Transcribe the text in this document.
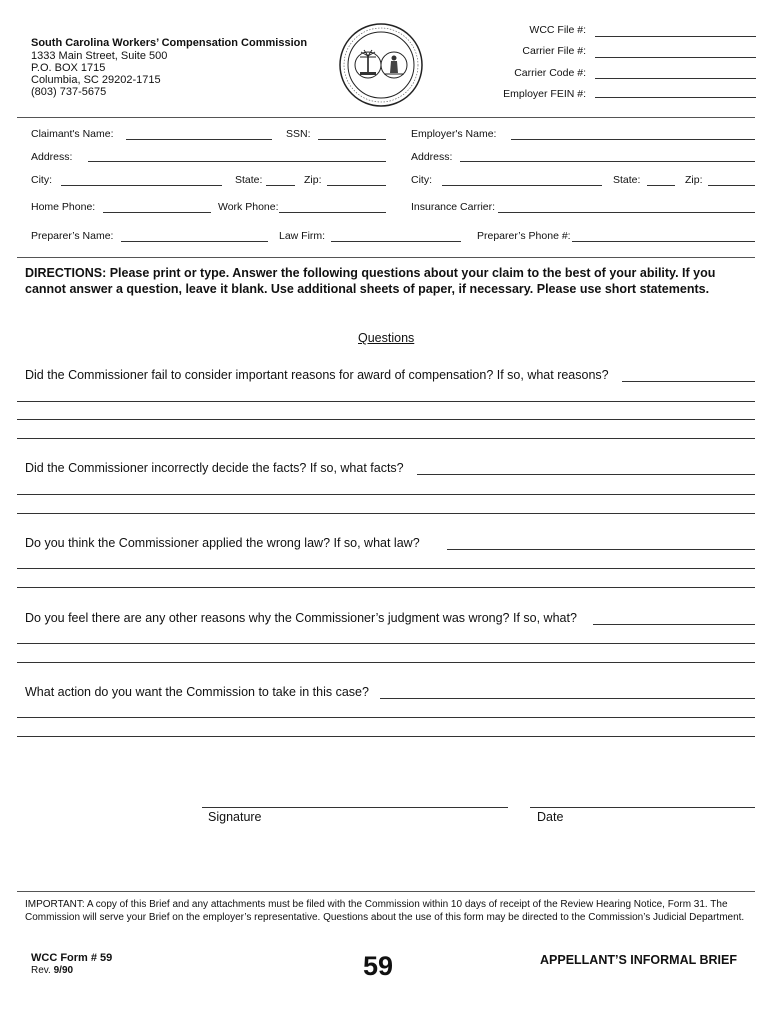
South Carolina Workers’ Compensation Commission
1333 Main Street, Suite 500
P.O. BOX 1715
Columbia, SC 29202-1715
(803) 737-5675
WCC File #:
Carrier File #:
Carrier Code #:
Employer FEIN #:
Claimant's Name:	SSN:	Employer's Name:
Address:	Address:
City:	State:	Zip:	City:	State:	Zip:
Home Phone:	Work Phone:	Insurance Carrier:
Preparer’s Name:	Law Firm:	Preparer’s Phone #:
DIRECTIONS: Please print or type. Answer the following questions about your claim to the best of your ability. If you cannot answer a question, leave it blank. Use additional sheets of paper, if necessary. Please use short statements.
Questions
Did the Commissioner fail to consider important reasons for award of compensation? If so, what reasons?
Did the Commissioner incorrectly decide the facts? If so, what facts?
Do you think the Commissioner applied the wrong law? If so, what law?
Do you feel there are any other reasons why the Commissioner’s judgment was wrong? If so, what?
What action do you want the Commission to take in this case?
Signature	Date
IMPORTANT: A copy of this Brief and any attachments must be filed with the Commission within 10 days of receipt of the Review Hearing Notice, Form 31. The Commission will serve your Brief on the employer’s representative. Questions about the use of this form may be directed to the Commission’s Judicial Department.
WCC Form # 59
Rev. 9/90	59	APPELLANT’S INFORMAL BRIEF
